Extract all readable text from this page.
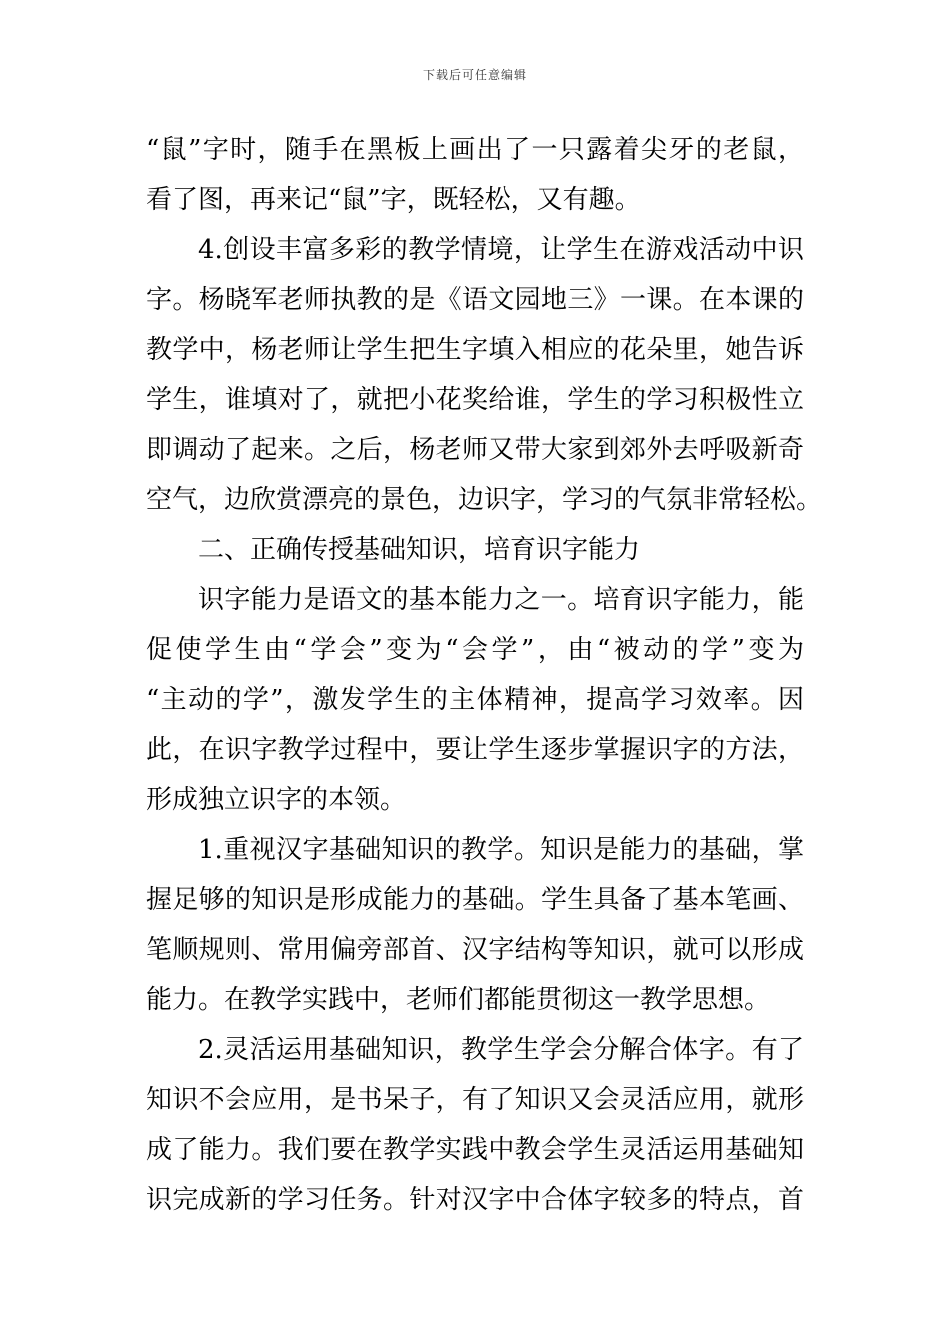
下载后可任意编辑
“鼠”字时，随手在黑板上画出了一只露着尖牙的老鼠，
看了图，再来记“鼠”字，既轻松，又有趣。
4.创设丰富多彩的教学情境，让学生在游戏活动中识
字。杨晓军老师执教的是《语文园地三》一课。在本课的
教学中，杨老师让学生把生字填入相应的花朵里，她告诉
学生，谁填对了，就把小花奖给谁，学生的学习积极性立
即调动了起来。之后，杨老师又带大家到郊外去呼吸新奇
空气，边欣赏漂亮的景色，边识字，学习的气氛非常轻松。
二、正确传授基础知识，培育识字能力
识字能力是语文的基本能力之一。培育识字能力，能
促使学生由“学会”变为“会学”，由“被动的学”变为
“主动的学”，激发学生的主体精神，提高学习效率。因
此，在识字教学过程中，要让学生逐步掌握识字的方法，
形成独立识字的本领。
1.重视汉字基础知识的教学。知识是能力的基础，掌
握足够的知识是形成能力的基础。学生具备了基本笔画、
笔顺规则、常用偏旁部首、汉字结构等知识，就可以形成
能力。在教学实践中，老师们都能贯彻这一教学思想。
2.灵活运用基础知识，教学生学会分解合体字。有了
知识不会应用，是书呆子，有了知识又会灵活应用，就形
成了能力。我们要在教学实践中教会学生灵活运用基础知
识完成新的学习任务。针对汉字中合体字较多的特点，首
